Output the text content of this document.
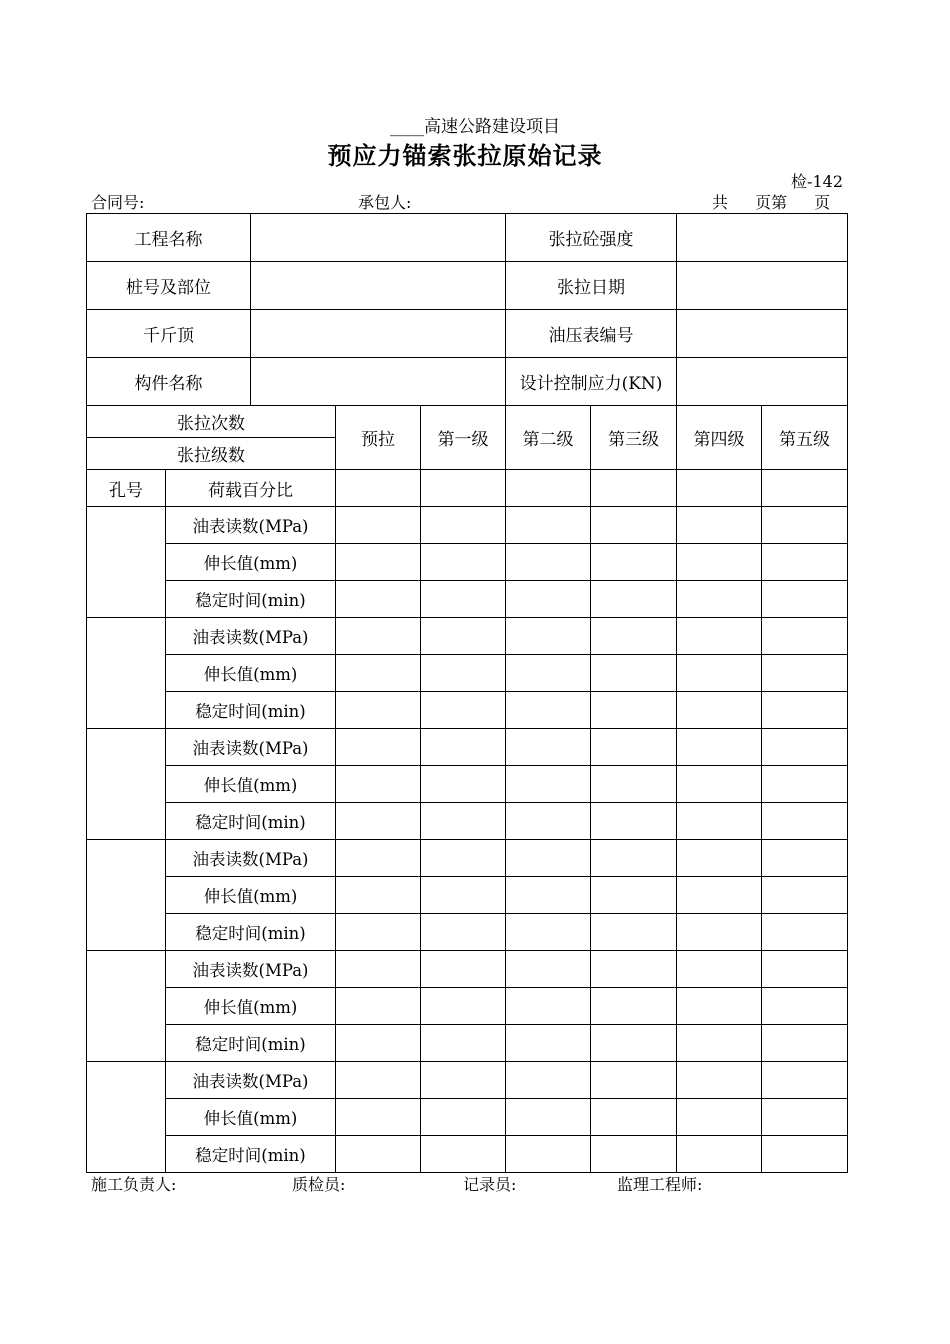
____高速公路建设项目
预应力锚索张拉原始记录
检-142
合同号:	承包人:	共　 页第　 页
工程名称					张拉砼强度			
桩号及部位					张拉日期			
千斤顶					油压表编号			
构件名称					设计控制应力(KN)			
张拉次数			预拉	第一级	第二级	第三级	第四级	第五级
张拉级数								
孔号	荷载百分比							
	油表读数(MPa)							
	伸长值(mm)							
	稳定时间(min)							
	油表读数(MPa)							
	伸长值(mm)							
	稳定时间(min)							
	油表读数(MPa)							
	伸长值(mm)							
	稳定时间(min)							
	油表读数(MPa)							
	伸长值(mm)							
	稳定时间(min)							
	油表读数(MPa)							
	伸长值(mm)							
	稳定时间(min)							
	油表读数(MPa)							
	伸长值(mm)							
	稳定时间(min)							
施工负责人:	质检员:	记录员:	监理工程师:
